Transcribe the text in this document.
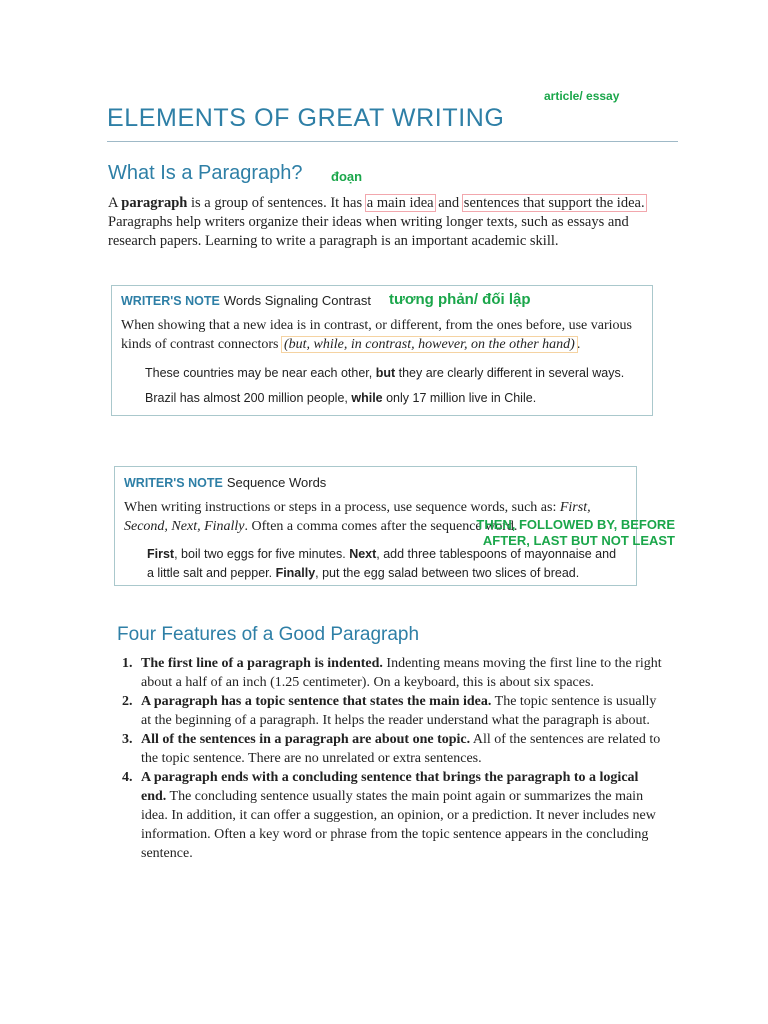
article/ essay
ELEMENTS OF GREAT WRITING
What Is a Paragraph? đoạn

A paragraph is a group of sentences. It has a main idea and sentences that support the idea. Paragraphs help writers organize their ideas when writing longer texts, such as essays and research papers. Learning to write a paragraph is an important academic skill.

WRITER'S NOTE Words Signaling Contrast tương phản/ đối lập

When showing that a new idea is in contrast, or different, from the ones before, use various kinds of contrast connectors (but, while, in contrast, however, on the other hand) .

These countries may be near each other, but they are clearly different in several ways.
Brazil has almost 200 million people, while only 17 million live in Chile.
WRITER'S NOTE Sequence Words

When writing instructions or steps in a process, use sequence words, such as: First, Second, Next, Finally. Often a comma comes after the sequence word.

First, boil two eggs for five minutes. Next, add three tablespoons of mayonnaise and a little salt and pepper. Finally, put the egg salad between two slices of bread.
THEN, FOLLOWED BY, BEFORE
AFTER, LAST BUT NOT LEAST
Four Features of a Good Paragraph
1. The first line of a paragraph is indented. Indenting means moving the first line to the right about a half of an inch (1.25 centimeter). On a keyboard, this is about six spaces.
2. A paragraph has a topic sentence that states the main idea. The topic sentence is usually at the beginning of a paragraph. It helps the reader understand what the paragraph is about.
3. All of the sentences in a paragraph are about one topic. All of the sentences are related to the topic sentence. There are no unrelated or extra sentences.
4. A paragraph ends with a concluding sentence that brings the paragraph to a logical end. The concluding sentence usually states the main point again or summarizes the main idea. In addition, it can offer a suggestion, an opinion, or a prediction. It never includes new information. Often a key word or phrase from the topic sentence appears in the concluding sentence.
